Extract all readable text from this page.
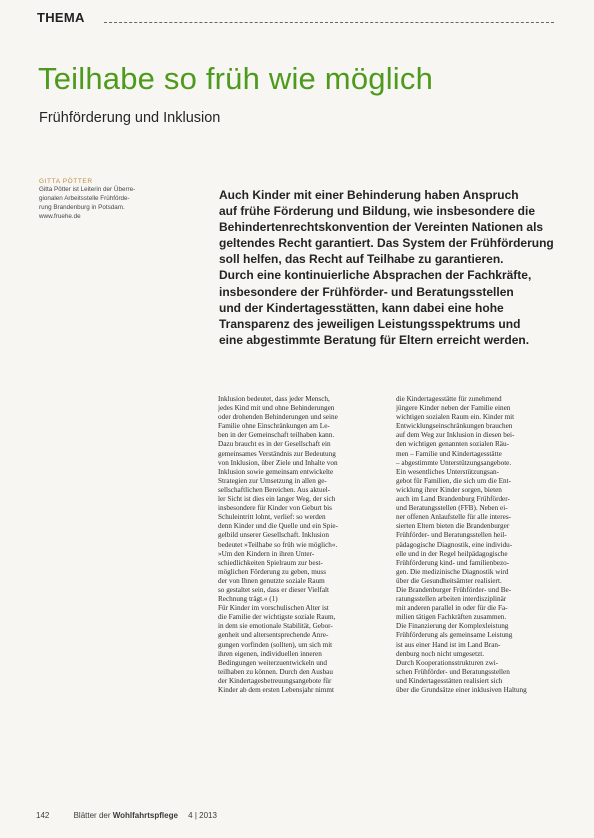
THEMA
Teilhabe so früh wie möglich
Frühförderung und Inklusion
GITTA PÖTTER
Gitta Pötter ist Leiterin der Überre-
gionalen Arbeitsstelle Frühförde-
rung Brandenburg in Potsdam.
www.fruehe.de
Auch Kinder mit einer Behinderung haben Anspruch
auf frühe Förderung und Bildung, wie insbesondere die
Behindertenrechtskonvention der Vereinten Nationen als
geltendes Recht garantiert. Das System der Frühförderung
soll helfen, das Recht auf Teilhabe zu garantieren.
Durch eine kontinuierliche Absprachen der Fachkräfte,
insbesondere der Frühförder- und Beratungsstellen
und der Kindertagesstätten, kann dabei eine hohe
Transparenz des jeweiligen Leistungsspektrums und
eine abgestimmte Beratung für Eltern erreicht werden.
Inklusion bedeutet, dass jeder Mensch,
jedes Kind mit und ohne Behinderungen
oder drohenden Behinderungen und seine
Familie ohne Einschränkungen am Le-
ben in der Gemeinschaft teilhaben kann.
Dazu braucht es in der Gesellschaft ein
gemeinsames Verständnis zur Bedeutung
von Inklusion, über Ziele und Inhalte von
Inklusion sowie gemeinsam entwickelte
Strategien zur Umsetzung in allen ge-
sellschaftlichen Bereichen. Aus aktuel-
ler Sicht ist dies ein langer Weg, der sich
insbesondere für Kinder von Geburt bis
Schuleintritt lohnt, verlief: so werden
denn Kinder und die Quelle und ein Spie-
gelbild unserer Gesellschaft. Inklusion
bedeutet »Teilhabe so früh wie möglich«.
»Um den Kindern in ihren Unter-
schiedlichkeiten Spielraum zur best-
möglichen Förderung zu geben, muss
der von Ihnen genutzte soziale Raum
so gestaltet sein, dass er dieser Vielfalt
Rechnung trägt.« (1)
Für Kinder im vorschulischen Alter ist
die Familie der wichtigste soziale Raum,
in dem sie emotionale Stabilität, Gebor-
genheit und altersentsprechende Anre-
gungen vorfinden (sollten), um sich mit
ihren eigenen, individuellen inneren
Bedingungen weiterzuentwickeln und
teilhaben zu können. Durch den Ausbau
der Kindertagesbetreuungsangebote für
Kinder ab dem ersten Lebensjahr nimmt
die Kindertagesstätte für zunehmend
jüngere Kinder neben der Familie einen
wichtigen sozialen Raum ein. Kinder mit
Entwicklungseinschränkungen brauchen
auf dem Weg zur Inklusion in diesen bei-
den wichtigen genannten sozialen Räu-
men – Familie und Kindertagesstätte
– abgestimmte Unterstützungsangebote.
Ein wesentliches Unterstützungsan-
gebot für Familien, die sich um die Ent-
wicklung ihrer Kinder sorgen, bieten
auch im Land Brandenburg Frühförder-
und Beratungsstellen (FFB). Neben ei-
ner offenen Anlaufstelle für alle interes-
sierten Eltern bieten die Brandenburger
Frühförder- und Beratungsstellen heil-
pädagogische Diagnostik, eine individu-
elle und in der Regel heilpädagogische
Frühförderung kind- und familienbezo-
gen. Die medizinische Diagnostik wird
über die Gesundheitsämter realisiert.
Die Brandenburger Frühförder- und Be-
ratungsstellen arbeiten interdisziplinär
mit anderen parallel in oder für die Fa-
milien tätigen Fachkräften zusammen.
Die Finanzierung der Komplexleistung
Frühförderung als gemeinsame Leistung
ist aus einer Hand ist im Land Bran-
denburg noch nicht umgesetzt.
Durch Kooperationsstrukturen zwi-
schen Frühförder- und Beratungsstellen
und Kindertagesstätten realisiert sich
über die Grundsätze einer inklusiven Haltung
142	Blätter der Wohlfahrtspflege 4 | 2013
